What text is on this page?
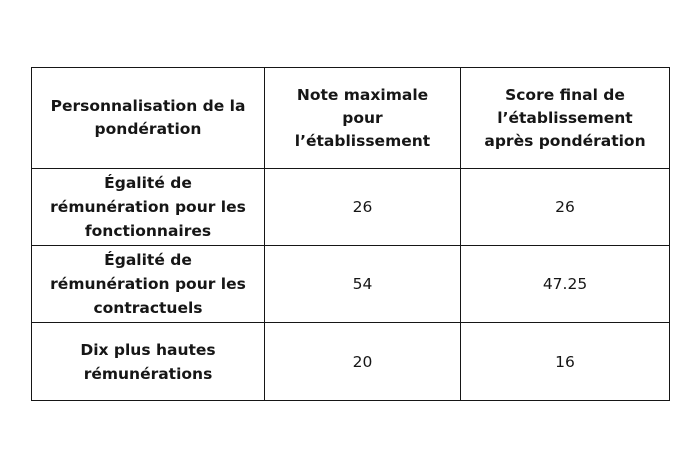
Personnalisation de la pondération	Note maximale pour l’établissement	Score final de l’établissement après pondération
Égalité de rémunération pour les fonctionnaires	26	26
Égalité de rémunération pour les contractuels	54	47.25
Dix plus hautes rémunérations	20	16
